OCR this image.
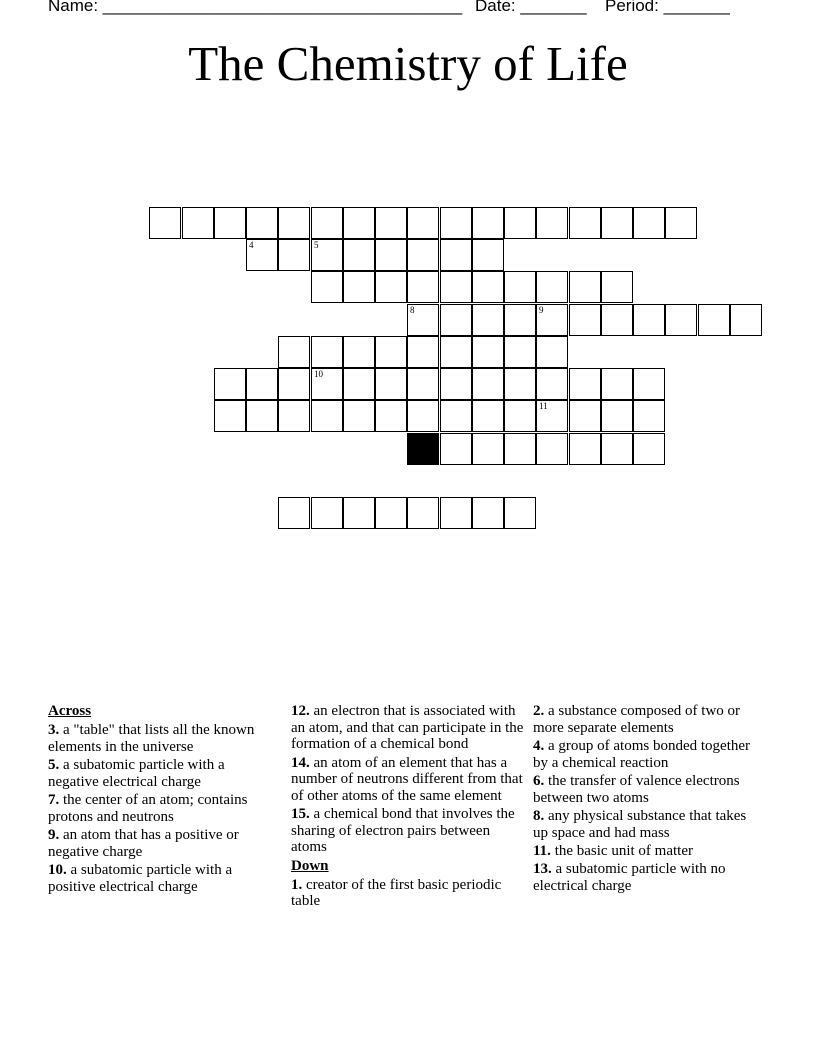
Name: ______________________________________ Date: _______ Period: _______
The Chemistry of Life
11
4	5
10
8	9
Across

3. a "table" that lists all the known elements in the universe

5. a subatomic particle with a negative electrical charge

7. the center of an atom; contains protons and neutrons

9. an atom that has a positive or negative charge

10. a subatomic particle with a positive electrical charge

12. an electron that is associated with an atom, and that can participate in the formation of a chemical bond

14. an atom of an element that has a number of neutrons different from that of other atoms of the same element

15. a chemical bond that involves the sharing of electron pairs between atoms

Down

1. creator of the first basic periodic table

2. a substance composed of two or more separate elements

4. a group of atoms bonded together by a chemical reaction

6. the transfer of valence electrons between two atoms

8. any physical substance that takes up space and had mass

11. the basic unit of matter

13. a subatomic particle with no electrical charge
